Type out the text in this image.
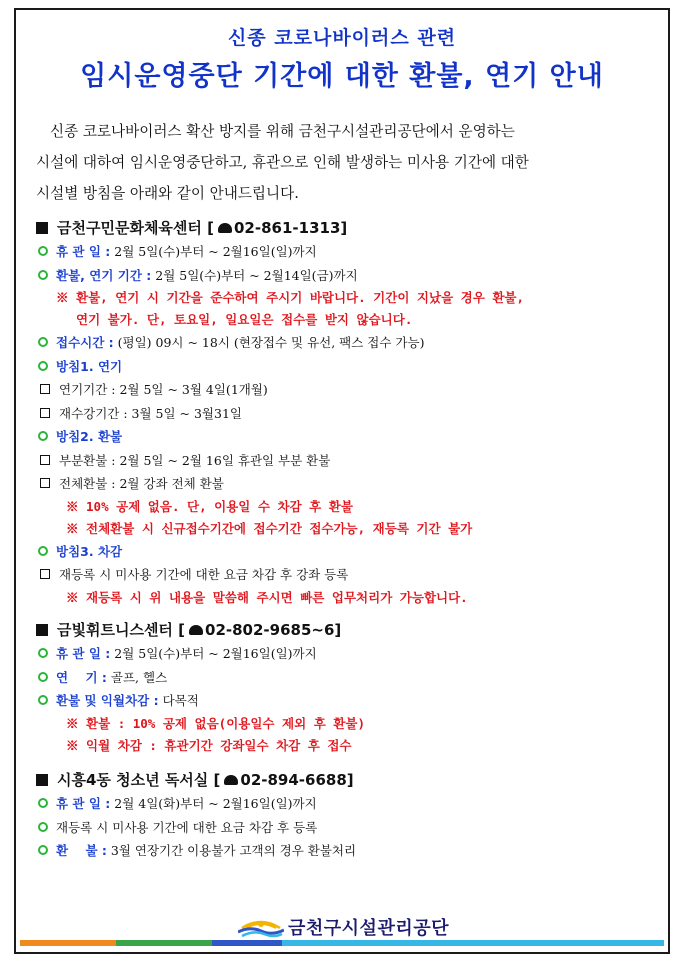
신종 코로나바이러스 관련
임시운영중단 기간에 대한 환불, 연기 안내

신종 코로나바이러스 확산 방지를 위해 금천구시설관리공단에서 운영하는

시설에 대하여 임시운영중단하고, 휴관으로 인해 발생하는 미사용 기간에 대한

시설별 방침을 아래와 같이 안내드립니다.

금천구민문화체육센터 [ 02-861-1313]
휴 관 일 : 2월 5일(수)부터 ~ 2월16일(일)까지
환불, 연기 기간 : 2월 5일(수)부터 ~ 2월14일(금)까지
※ 환불, 연기 시 기간을 준수하여 주시기 바랍니다. 기간이 지났을 경우 환불,
연기 불가. 단, 토요일, 일요일은 접수를 받지 않습니다.
접수시간 : (평일) 09시 ~ 18시 (현장접수 및 유선, 팩스 접수 가능)
방침1. 연기
연기기간 : 2월 5일 ~ 3월 4일(1개월)
재수강기간 : 3월 5일 ~ 3월31일
방침2. 환불
부분환불 : 2월 5일 ~ 2월 16일 휴관일 부분 환불
전체환불 : 2월 강좌 전체 환불
※ 10% 공제 없음. 단, 이용일 수 차감 후 환불
※ 전체환불 시 신규접수기간에 접수기간 접수가능, 재등록 기간 불가
방침3. 차감
재등록 시 미사용 기간에 대한 요금 차감 후 강좌 등록
※ 재등록 시 위 내용을 말씀해 주시면 빠른 업무처리가 가능합니다.
금빛휘트니스센터 [ 02-802-9685~6]
휴 관 일 : 2월 5일(수)부터 ~ 2월16일(일)까지
연    기 : 골프, 헬스
환불 및 익월차감 : 다목적
※ 환불 : 10% 공제 없음(이용일수 제외 후 환불)
※ 익월 차감 : 휴관기간 강좌일수 차감 후 접수
시흥4동 청소년 독서실 [ 02-894-6688]
휴 관 일 : 2월 4일(화)부터 ~ 2월16일(일)까지
재등록 시 미사용 기간에 대한 요금 차감 후 등록
환    불 : 3월 연장기간 이용불가 고객의 경우 환불처리
금천구시설관리공단
